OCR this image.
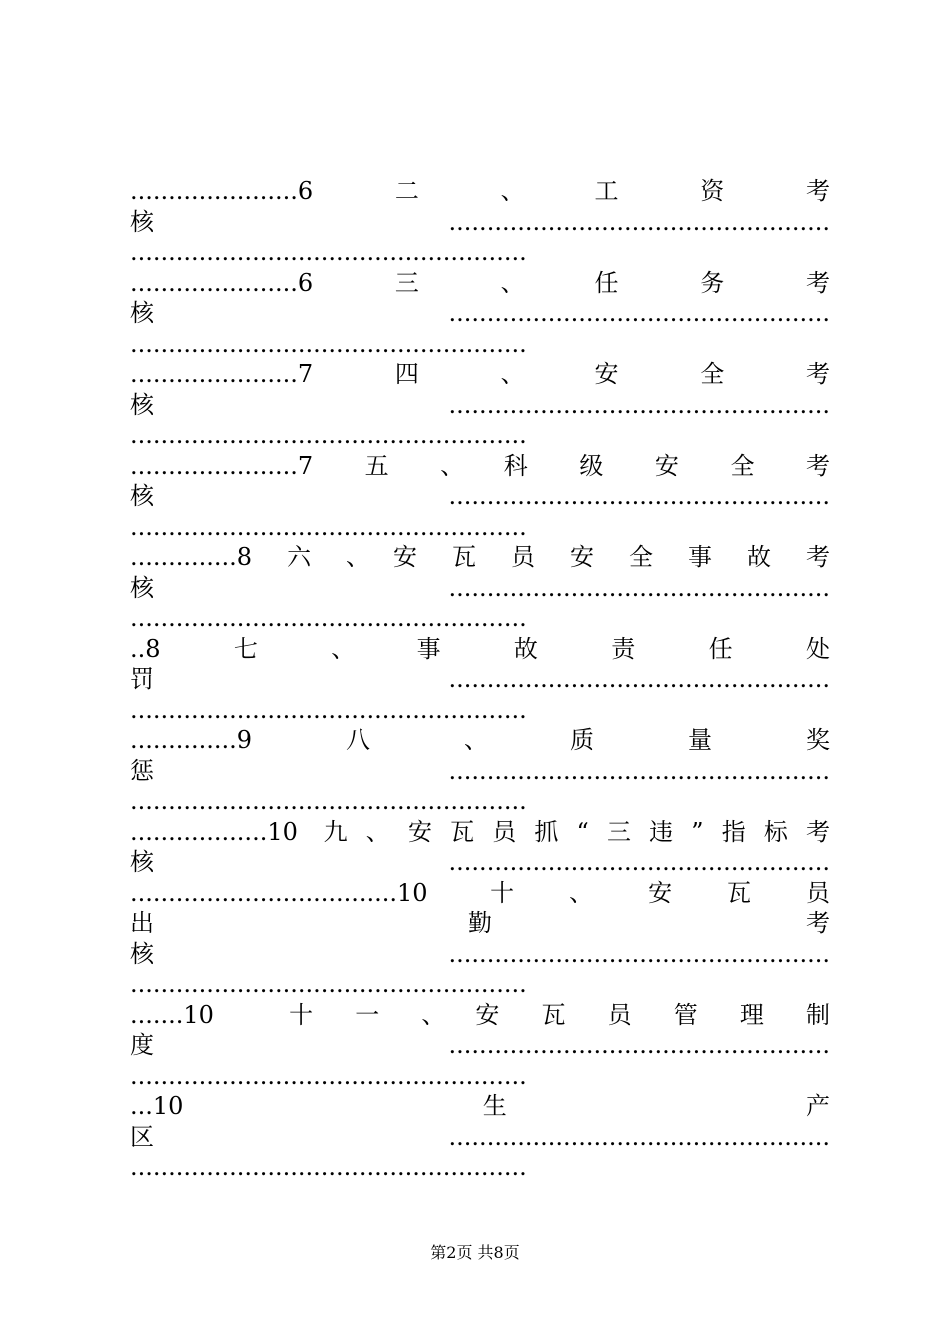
......................6　　二　　、　　工　　资　　考
核..................................................
....................................................
......................6　　三　　、　　任　　务　　考
核..................................................
....................................................
......................7　　四　　、　　安　　全　　考
核..................................................
....................................................
......................7　五　、　科　级　安　全　考
核..................................................
....................................................
..............8　六　、　安　瓦　员　安　全　事　故　考
核..................................................
....................................................
..8　　七　　、　　事　　故　　责　　任　　处
罚..................................................
....................................................
..............9　　八　　、　　质　　量　　奖
惩..................................................
....................................................
..................10 九、安瓦员抓“三违”指标考
核..................................................
...................................10 十、安瓦员
出　　　　　　　勤　　　　　　　考
核..................................................
....................................................
.......10　　十　一　、　安　瓦　员　管　理　制
度..................................................
....................................................
...10　　　　　　生　　　　　　产
区..................................................
....................................................
第2页 共8页
